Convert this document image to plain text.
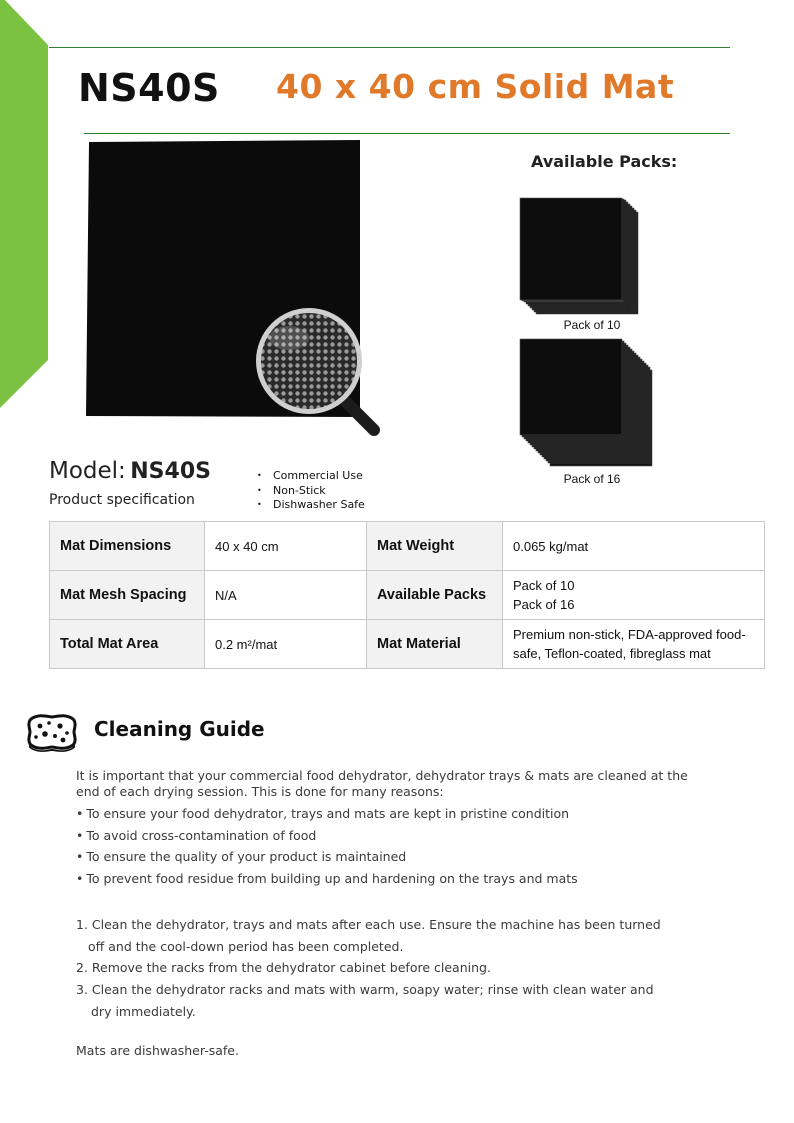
NS40S 40 x 40 cm Solid Mat
Available Packs:
Pack of 10
Pack of 16
Model: NS40S
Product specification
• Commercial Use
• Non-Stick
• Dishwasher Safe
Mat Dimensions	40 x 40 cm	Mat Weight	0.065 kg/mat
Mat Mesh Spacing	N/A	Available Packs	Pack of 10
Pack of 16
Total Mat Area	0.2 m²/mat	Mat Material	Premium non-stick, FDA-approved food-safe, Teflon-coated, fibreglass mat
Cleaning Guide
It is important that your commercial food dehydrator, dehydrator trays & mats are cleaned at the
end of each drying session. This is done for many reasons:
• To ensure your food dehydrator, trays and mats are kept in pristine condition
• To avoid cross-contamination of food
• To ensure the quality of your product is maintained
• To prevent food residue from building up and hardening on the trays and mats
1. Clean the dehydrator, trays and mats after each use. Ensure the machine has been turned
off and the cool-down period has been completed.
2. Remove the racks from the dehydrator cabinet before cleaning.
3. Clean the dehydrator racks and mats with warm, soapy water; rinse with clean water and
dry immediately.
Mats are dishwasher-safe.
